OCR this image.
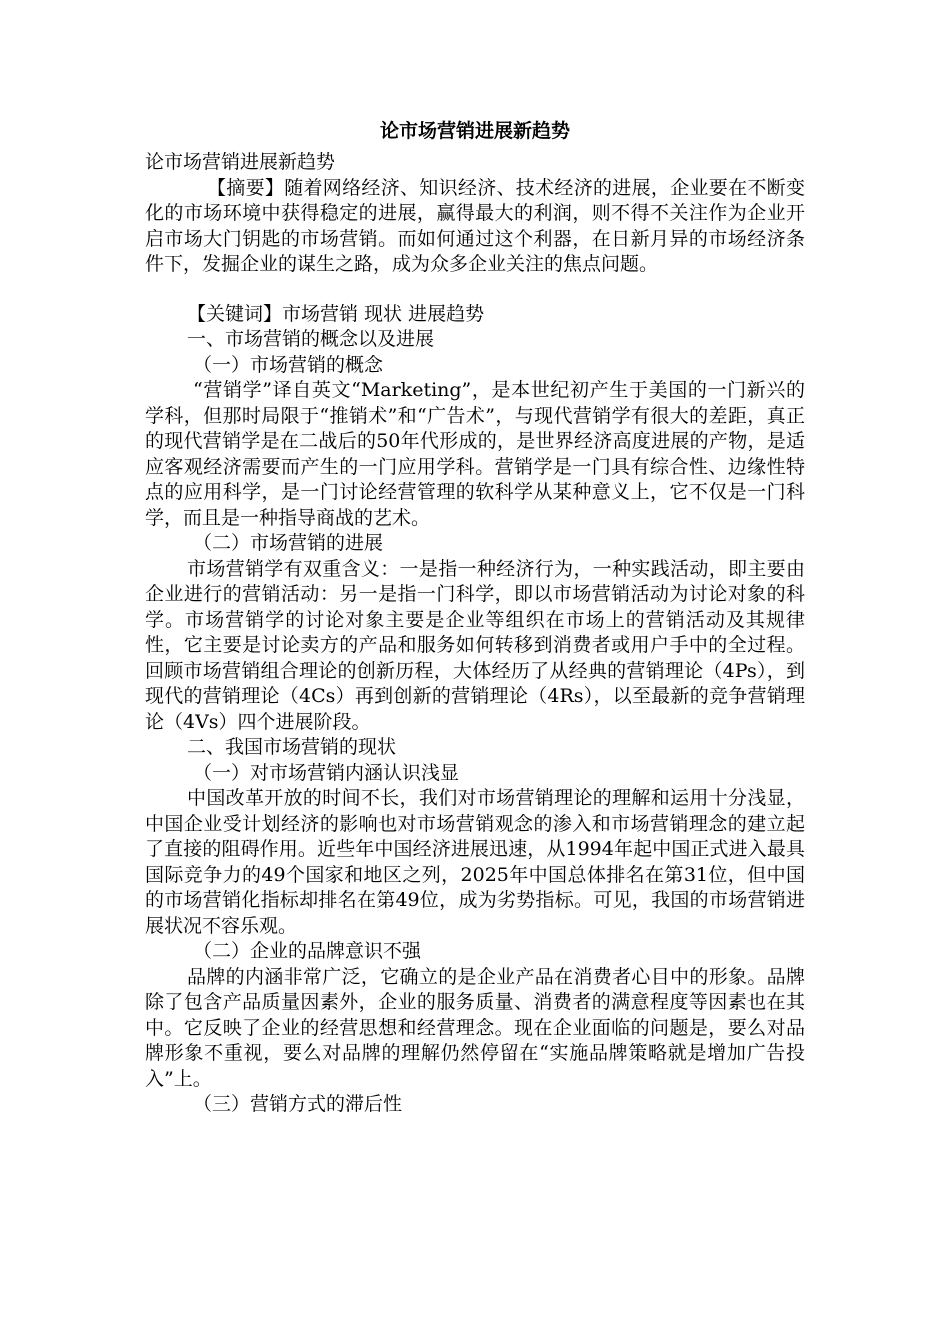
论市场营销进展新趋势
论市场营销进展新趋势
【摘要】随着网络经济、知识经济、技术经济的进展，企业要在不断变化的市场环境中获得稳定的进展，赢得最大的利润，则不得不关注作为企业开启市场大门钥匙的市场营销。而如何通过这个利器，在日新月异的市场经济条件下，发掘企业的谋生之路，成为众多企业关注的焦点问题。
【关键词】市场营销 现状 进展趋势
一、市场营销的概念以及进展
（一）市场营销的概念
“营销学”译自英文“Marketing”，是本世纪初产生于美国的一门新兴的学科，但那时局限于“推销术”和“广告术”，与现代营销学有很大的差距，真正的现代营销学是在二战后的50年代形成的，是世界经济高度进展的产物，是适应客观经济需要而产生的一门应用学科。营销学是一门具有综合性、边缘性特点的应用科学，是一门讨论经营管理的软科学从某种意义上，它不仅是一门科学，而且是一种指导商战的艺术。
（二）市场营销的进展
市场营销学有双重含义：一是指一种经济行为，一种实践活动，即主要由企业进行的营销活动：另一是指一门科学，即以市场营销活动为讨论对象的科学。市场营销学的讨论对象主要是企业等组织在市场上的营销活动及其规律性，它主要是讨论卖方的产品和服务如何转移到消费者或用户手中的全过程。回顾市场营销组合理论的创新历程，大体经历了从经典的营销理论（4Ps），到现代的营销理论（4Cs）再到创新的营销理论（4Rs），以至最新的竞争营销理论（4Vs）四个进展阶段。
二、我国市场营销的现状
（一）对市场营销内涵认识浅显
中国改革开放的时间不长，我们对市场营销理论的理解和运用十分浅显，中国企业受计划经济的影响也对市场营销观念的渗入和市场营销理念的建立起了直接的阻碍作用。近些年中国经济进展迅速，从1994年起中国正式进入最具国际竞争力的49个国家和地区之列，2025年中国总体排名在第31位，但中国的市场营销化指标却排名在第49位，成为劣势指标。可见，我国的市场营销进展状况不容乐观。
（二）企业的品牌意识不强
品牌的内涵非常广泛，它确立的是企业产品在消费者心目中的形象。品牌除了包含产品质量因素外，企业的服务质量、消费者的满意程度等因素也在其中。它反映了企业的经营思想和经营理念。现在企业面临的问题是，要么对品牌形象不重视，要么对品牌的理解仍然停留在“实施品牌策略就是增加广告投入”上。
（三）营销方式的滞后性
